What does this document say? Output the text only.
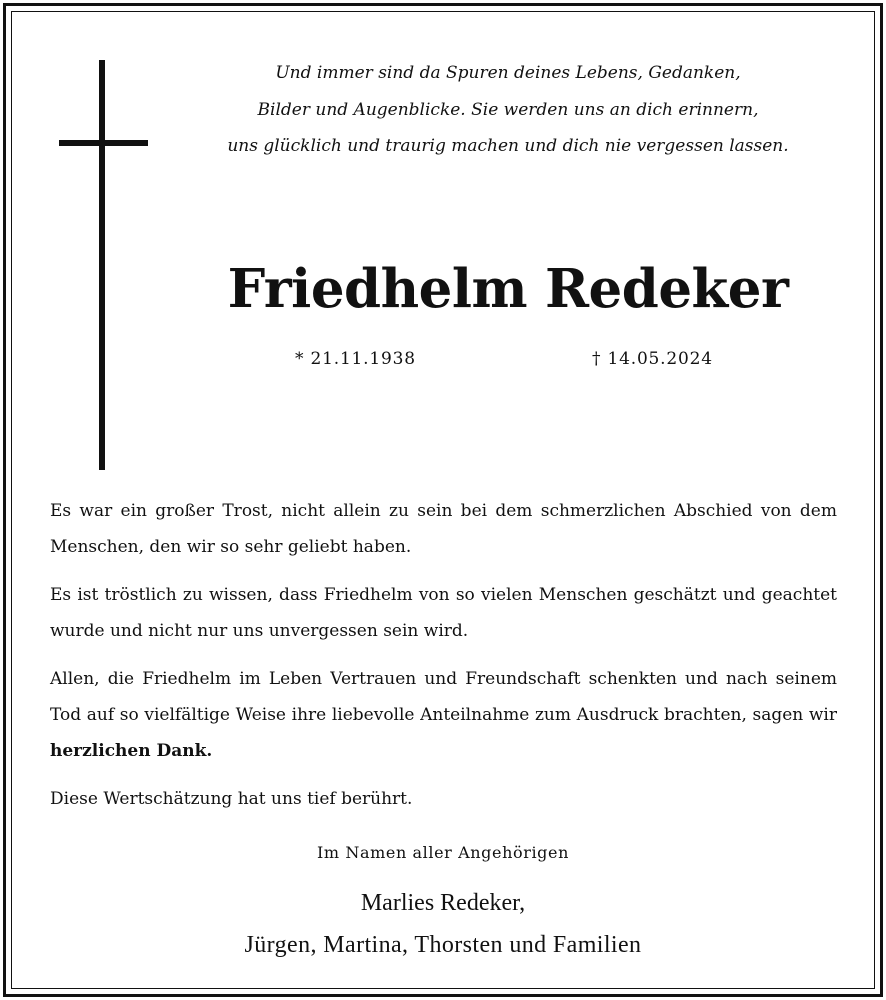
Und immer sind da Spuren deines Lebens, Gedanken,
Bilder und Augenblicke. Sie werden uns an dich erinnern,
uns glücklich und traurig machen und dich nie vergessen lassen.
Friedhelm Redeker
* 21.11.1938	† 14.05.2024
Es war ein großer Trost, nicht allein zu sein bei dem schmerzlichen Abschied von dem Menschen, den wir so sehr geliebt haben.
Es ist tröstlich zu wissen, dass Friedhelm von so vielen Menschen geschätzt und geachtet wurde und nicht nur uns unvergessen sein wird.
Allen, die Friedhelm im Leben Vertrauen und Freundschaft schenkten und nach seinem Tod auf so vielfältige Weise ihre liebevolle Anteilnahme zum Ausdruck brachten, sagen wir herzlichen Dank.
Diese Wertschätzung hat uns tief berührt.
Im Namen aller Angehörigen
Marlies Redeker,
Jürgen, Martina, Thorsten und Familien
